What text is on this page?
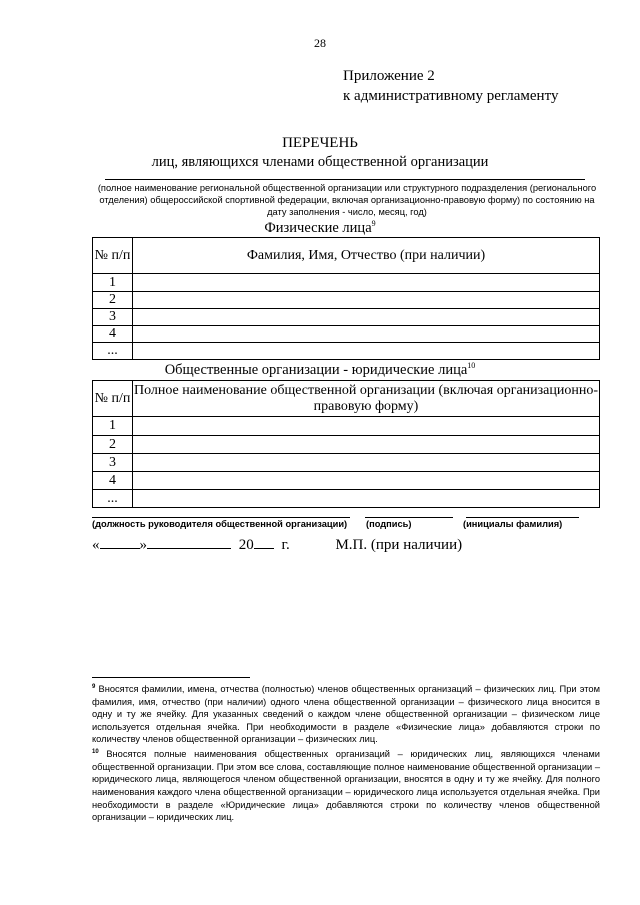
28
Приложение 2
к административному регламенту
ПЕРЕЧЕНЬ
лиц, являющихся членами общественной организации
(полное наименование региональной общественной организации или структурного подразделения (регионального отделения) общероссийской спортивной федерации, включая организационно-правовую форму) по состоянию на дату заполнения - число, месяц, год)
Физические лица$^9$
№ п/п	Фамилия, Имя, Отчество (при наличии)
1	
2	
3	
4	
...	
Общественные организации - юридические лица$^{10}$
№ п/п	Полное наименование общественной организации (включая организационно-правовую форму)
1	
2	
3	
4	
...	
(должность руководителя общественной организации) (подпись)	(инициалы фамилия)
«	»	20 г.	М.П. (при наличии)

$^9$ Вносятся фамилии, имена, отчества (полностью) членов общественных организаций – физических лиц. При этом фамилия, имя, отчество (при наличии) одного члена общественной организации – физического лица вносится в одну и ту же ячейку. Для указанных сведений о каждом члене общественной организации – физическом лице используется отдельная ячейка. При необходимости в разделе «Физические лица» добавляются строки по количеству членов общественной организации – физических лиц.

$^{10}$ Вносятся полные наименования общественных организаций – юридических лиц, являющихся членами общественной организации. При этом все слова, составляющие полное наименование общественной организации – юридического лица, являющегося членом общественной организации, вносятся в одну и ту же ячейку. Для полного наименования каждого члена общественной организации – юридического лица используется отдельная ячейка. При необходимости в разделе «Юридические лица» добавляются строки по количеству членов общественной организации – юридических лиц.
